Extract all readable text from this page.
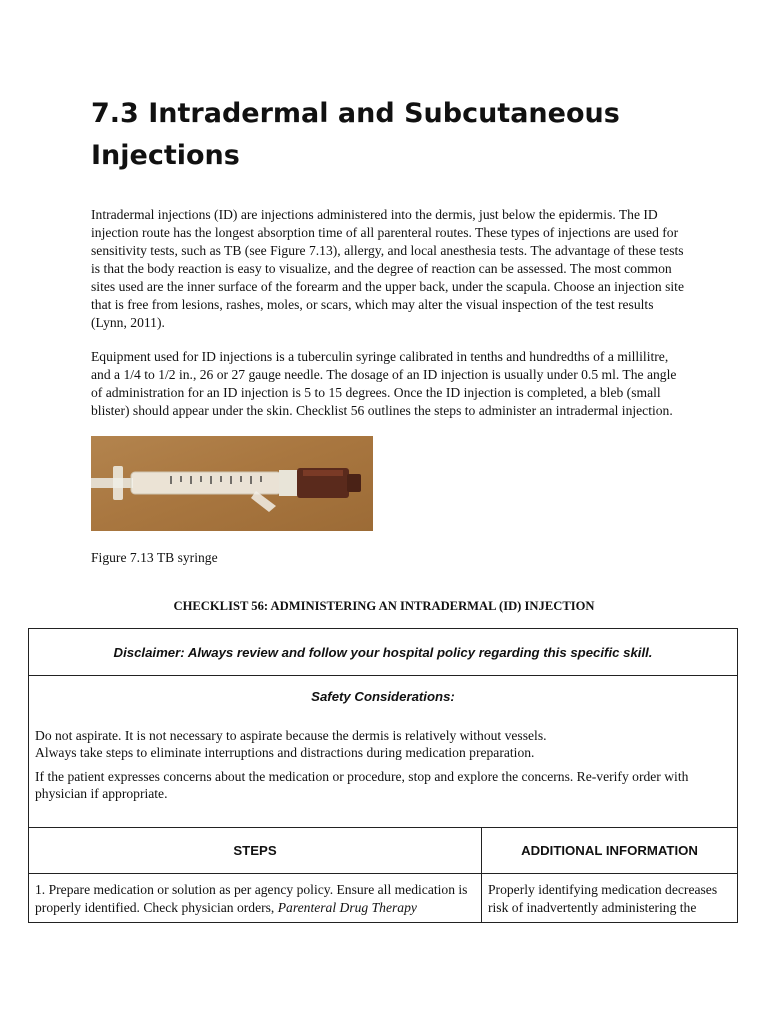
7.3 Intradermal and Subcutaneous Injections

Intradermal injections (ID) are injections administered into the dermis, just below the epidermis. The ID injection route has the longest absorption time of all parenteral routes. These types of injections are used for sensitivity tests, such as TB (see Figure 7.13), allergy, and local anesthesia tests. The advantage of these tests is that the body reaction is easy to visualize, and the degree of reaction can be assessed. The most common sites used are the inner surface of the forearm and the upper back, under the scapula. Choose an injection site that is free from lesions, rashes, moles, or scars, which may alter the visual inspection of the test results (Lynn, 2011).

Equipment used for ID injections is a tuberculin syringe calibrated in tenths and hundredths of a millilitre, and a 1/4 to 1/2 in., 26 or 27 gauge needle. The dosage of an ID injection is usually under 0.5 ml. The angle of administration for an ID injection is 5 to 15 degrees. Once the ID injection is completed, a bleb (small blister) should appear under the skin. Checklist 56 outlines the steps to administer an intradermal injection.

Figure 7.13 TB syringe

CHECKLIST 56: ADMINISTERING AN INTRADERMAL (ID) INJECTION

Disclaimer: Always review and follow your hospital policy regarding this specific skill.

Safety Considerations:

Do not aspirate. It is not necessary to aspirate because the dermis is relatively without vessels.

Always take steps to eliminate interruptions and distractions during medication preparation.

If the patient expresses concerns about the medication or procedure, stop and explore the concerns. Re-verify order with physician if appropriate.

STEPS	ADDITIONAL INFORMATION
1. Prepare medication or solution as per agency policy. Ensure all medication is properly identified. Check physician orders, Parenteral Drug Therapy
Properly identifying medication decreases risk of inadvertently administering the
